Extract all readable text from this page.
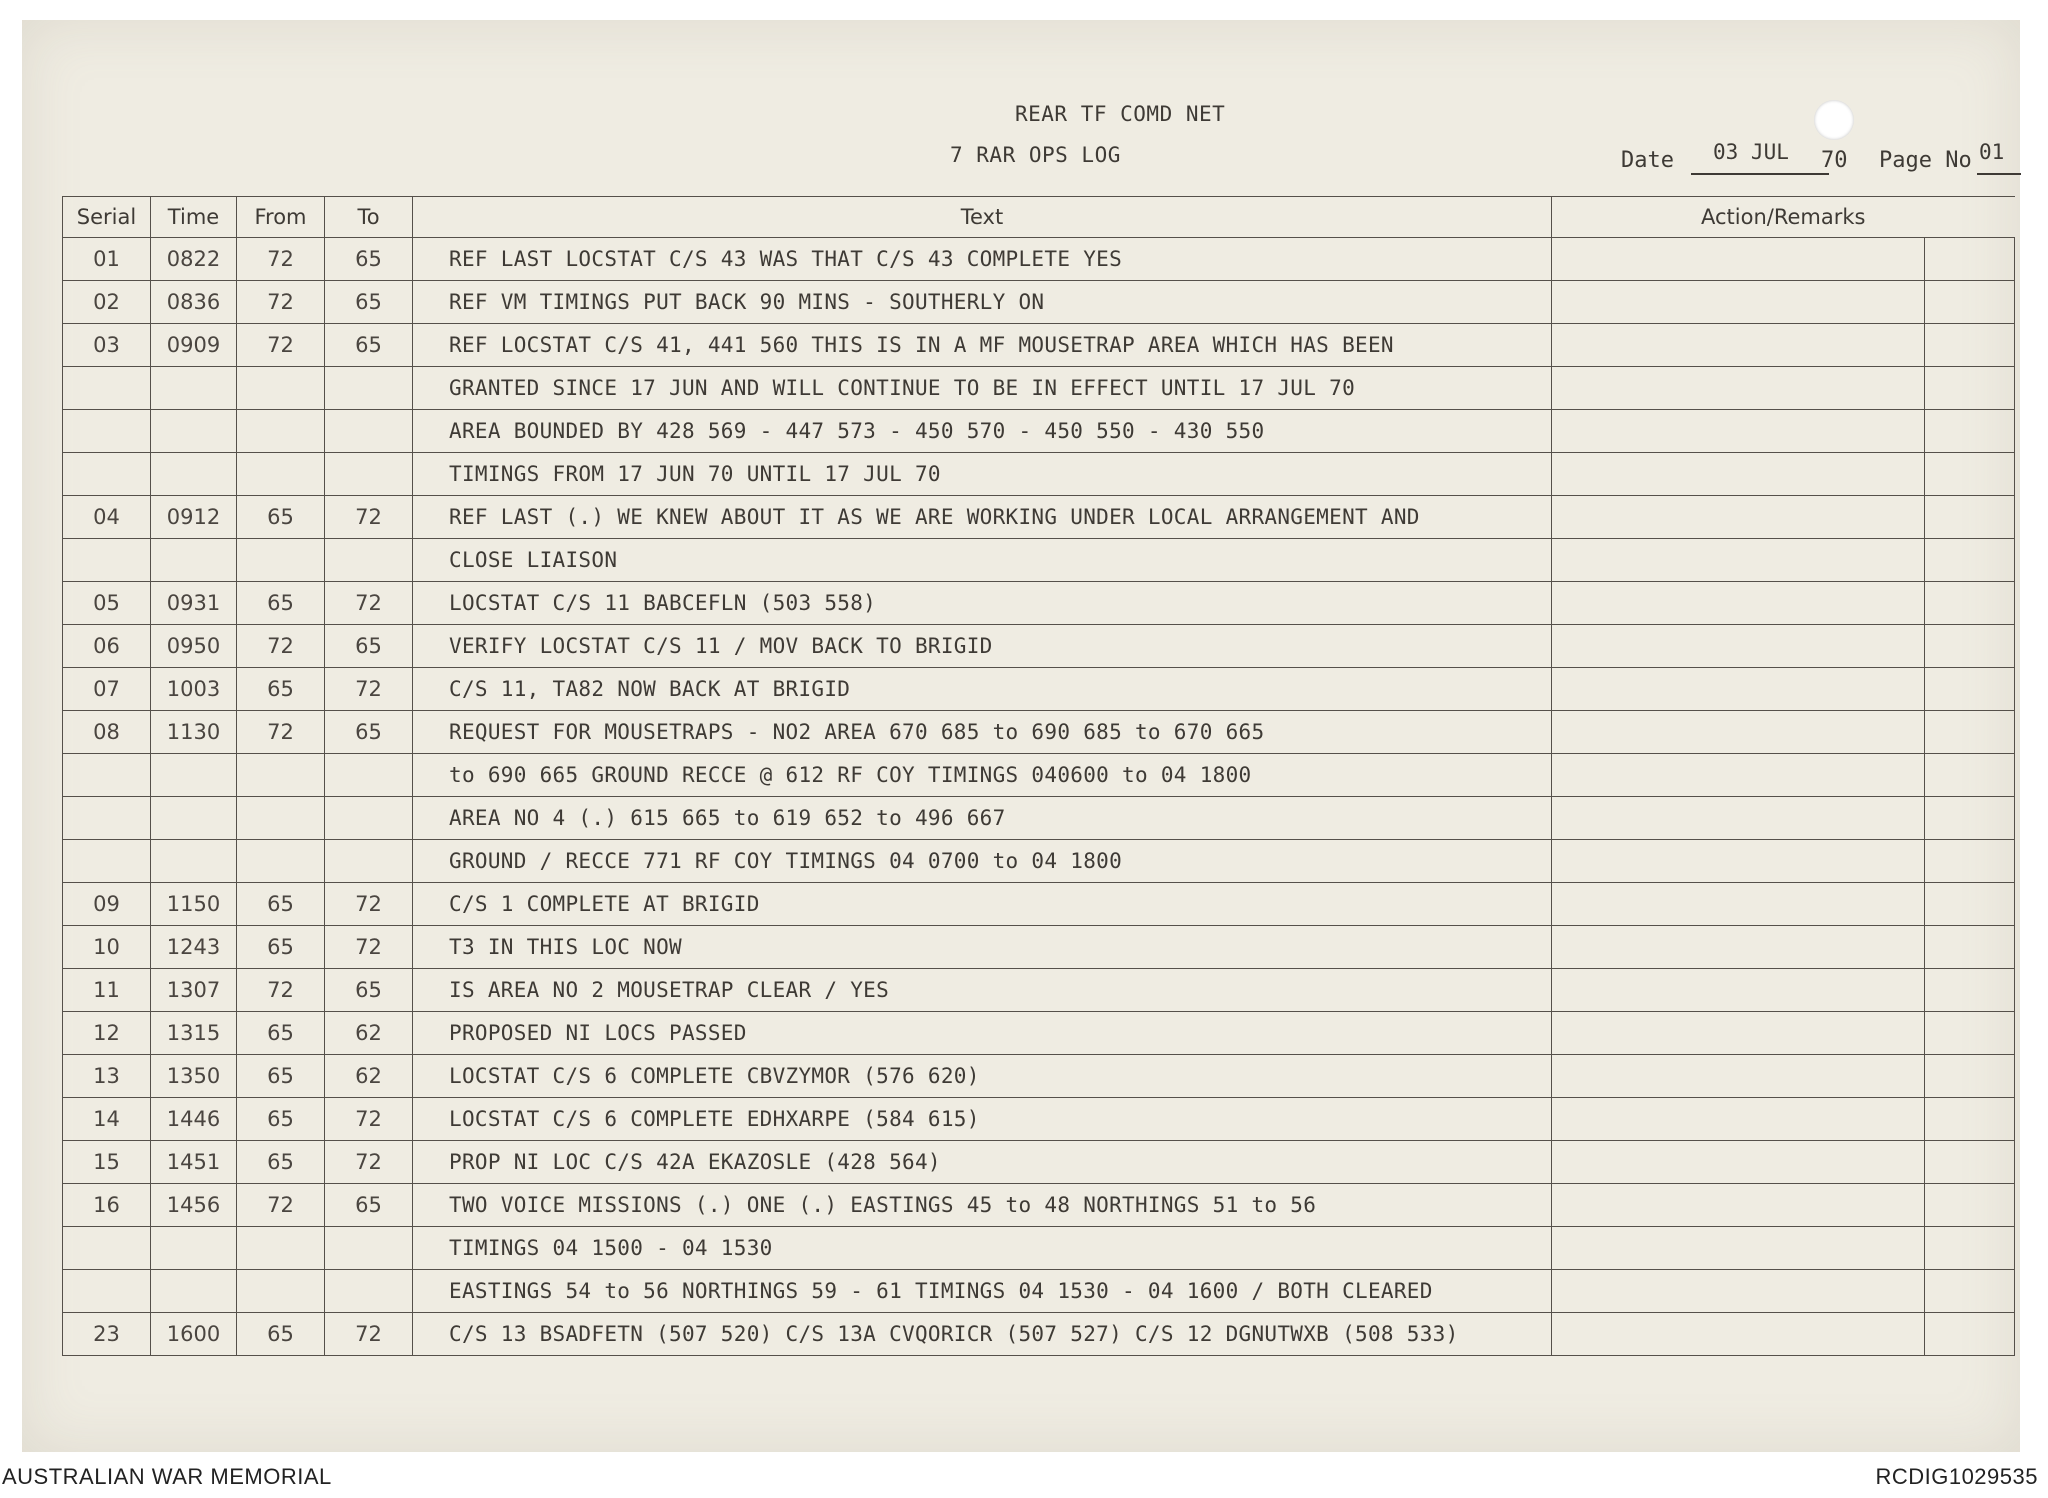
REAR TF COMD NET
7 RAR OPS LOG	Date 03 JUL 70 Page No 01
Serial	Time	From	To	Text	Action/Remarks	
01	0822	72	65	REF LAST LOCSTAT C/S 43 WAS THAT C/S 43 COMPLETE YES		
02	0836	72	65	REF VM TIMINGS PUT BACK 90 MINS - SOUTHERLY ON		
03	0909	72	65	REF LOCSTAT C/S 41, 441 560 THIS IS IN A MF MOUSETRAP AREA WHICH HAS BEEN		
				GRANTED SINCE 17 JUN AND WILL CONTINUE TO BE IN EFFECT UNTIL 17 JUL 70		
				AREA BOUNDED BY 428 569 - 447 573 - 450 570 - 450 550 - 430 550		
				TIMINGS FROM 17 JUN 70 UNTIL 17 JUL 70		
04	0912	65	72	REF LAST (.) WE KNEW ABOUT IT AS WE ARE WORKING UNDER LOCAL ARRANGEMENT AND		
				CLOSE LIAISON		
05	0931	65	72	LOCSTAT C/S 11 BABCEFLN (503 558)		
06	0950	72	65	VERIFY LOCSTAT C/S 11 / MOV BACK TO BRIGID		
07	1003	65	72	C/S 11, TA82 NOW BACK AT BRIGID		
08	1130	72	65	REQUEST FOR MOUSETRAPS - NO2 AREA 670 685 to 690 685 to 670 665		
				to 690 665 GROUND RECCE @ 612 RF COY TIMINGS 040600 to 04 1800		
				AREA NO 4 (.) 615 665 to 619 652 to 496 667		
				GROUND / RECCE 771 RF COY TIMINGS 04 0700 to 04 1800		
09	1150	65	72	C/S 1 COMPLETE AT BRIGID		
10	1243	65	72	T3 IN THIS LOC NOW		
11	1307	72	65	IS AREA NO 2 MOUSETRAP CLEAR / YES		
12	1315	65	62	PROPOSED NI LOCS PASSED		
13	1350	65	62	LOCSTAT C/S 6 COMPLETE CBVZYMOR (576 620)		
14	1446	65	72	LOCSTAT C/S 6 COMPLETE EDHXARPE (584 615)		
15	1451	65	72	PROP NI LOC C/S 42A EKAZOSLE (428 564)		
16	1456	72	65	TWO VOICE MISSIONS (.) ONE (.) EASTINGS 45 to 48 NORTHINGS 51 to 56		
				TIMINGS 04 1500 - 04 1530		
				EASTINGS 54 to 56 NORTHINGS 59 - 61 TIMINGS 04 1530 - 04 1600 / BOTH CLEARED		
23	1600	65	72	C/S 13 BSADFETN (507 520) C/S 13A CVQORICR (507 527) C/S 12 DGNUTWXB (508 533)		
AUSTRALIAN WAR MEMORIAL	RCDIG1029535
